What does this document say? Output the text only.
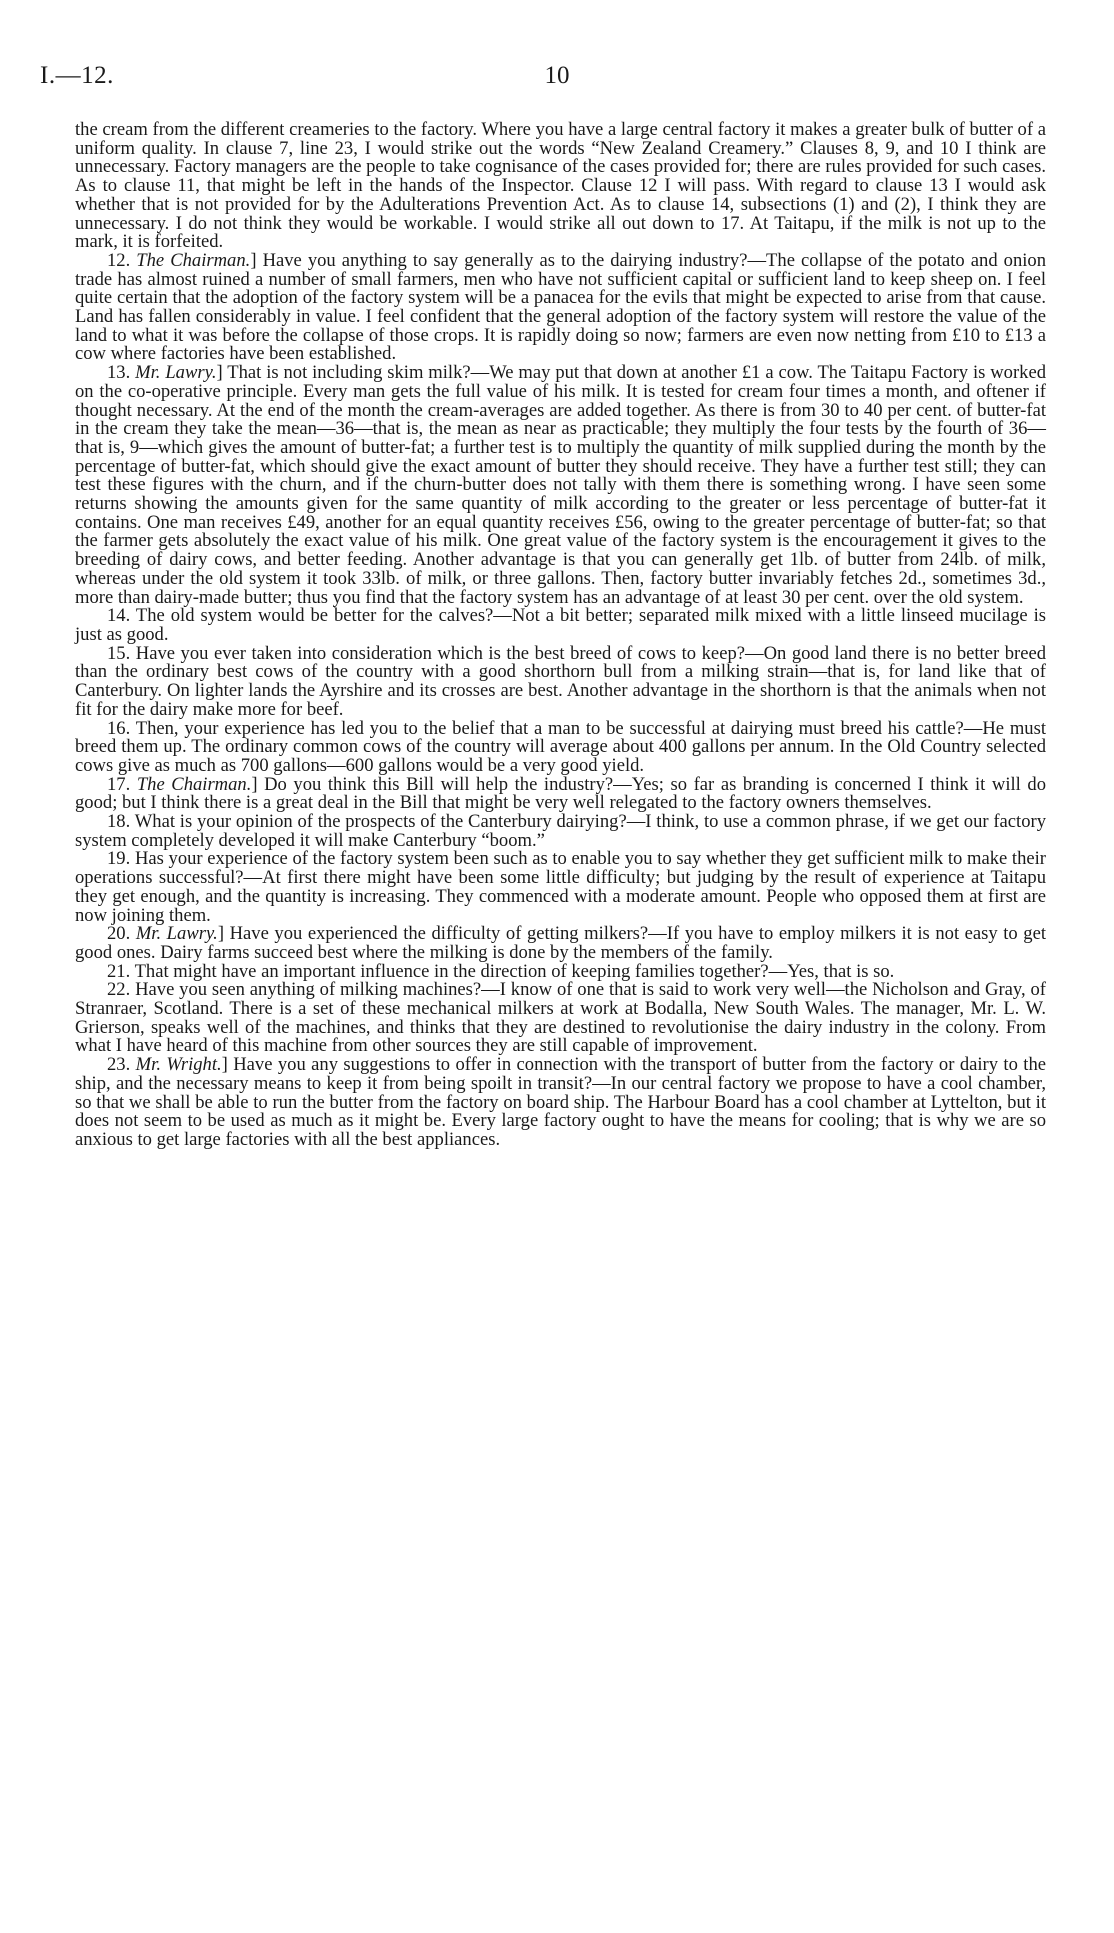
I.—12.	10

the cream from the different creameries to the factory. Where you have a large central factory it makes a greater bulk of butter of a uniform quality. In clause 7, line 23, I would strike out the words “New Zealand Creamery.” Clauses 8, 9, and 10 I think are unnecessary. Factory managers are the people to take cognisance of the cases provided for; there are rules provided for such cases. As to clause 11, that might be left in the hands of the Inspector. Clause 12 I will pass. With regard to clause 13 I would ask whether that is not provided for by the Adulterations Prevention Act. As to clause 14, subsections (1) and (2), I think they are unnecessary. I do not think they would be workable. I would strike all out down to 17. At Taitapu, if the milk is not up to the mark, it is forfeited.

12. The Chairman.] Have you anything to say generally as to the dairying industry?—The collapse of the potato and onion trade has almost ruined a number of small farmers, men who have not sufficient capital or sufficient land to keep sheep on. I feel quite certain that the adoption of the factory system will be a panacea for the evils that might be expected to arise from that cause. Land has fallen considerably in value. I feel confident that the general adoption of the factory system will restore the value of the land to what it was before the collapse of those crops. It is rapidly doing so now; farmers are even now netting from £10 to £13 a cow where factories have been established.

13. Mr. Lawry.] That is not including skim milk?—We may put that down at another £1 a cow. The Taitapu Factory is worked on the co-operative principle. Every man gets the full value of his milk. It is tested for cream four times a month, and oftener if thought necessary. At the end of the month the cream-averages are added together. As there is from 30 to 40 per cent. of butter-fat in the cream they take the mean—36—that is, the mean as near as practicable; they multiply the four tests by the fourth of 36—that is, 9—which gives the amount of butter-fat; a further test is to multiply the quantity of milk supplied during the month by the percentage of butter-fat, which should give the exact amount of butter they should receive. They have a further test still; they can test these figures with the churn, and if the churn-butter does not tally with them there is something wrong. I have seen some returns showing the amounts given for the same quantity of milk according to the greater or less percentage of butter-fat it contains. One man receives £49, another for an equal quantity receives £56, owing to the greater percentage of butter-fat; so that the farmer gets absolutely the exact value of his milk. One great value of the factory system is the encouragement it gives to the breeding of dairy cows, and better feeding. Another advantage is that you can generally get 1lb. of butter from 24lb. of milk, whereas under the old system it took 33lb. of milk, or three gallons. Then, factory butter invariably fetches 2d., sometimes 3d., more than dairy-made butter; thus you find that the factory system has an advantage of at least 30 per cent. over the old system.

14. The old system would be better for the calves?—Not a bit better; separated milk mixed with a little linseed mucilage is just as good.

15. Have you ever taken into consideration which is the best breed of cows to keep?—On good land there is no better breed than the ordinary best cows of the country with a good shorthorn bull from a milking strain—that is, for land like that of Canterbury. On lighter lands the Ayrshire and its crosses are best. Another advantage in the shorthorn is that the animals when not fit for the dairy make more for beef.

16. Then, your experience has led you to the belief that a man to be successful at dairying must breed his cattle?—He must breed them up. The ordinary common cows of the country will average about 400 gallons per annum. In the Old Country selected cows give as much as 700 gallons—600 gallons would be a very good yield.

17. The Chairman.] Do you think this Bill will help the industry?—Yes; so far as branding is concerned I think it will do good; but I think there is a great deal in the Bill that might be very well relegated to the factory owners themselves.

18. What is your opinion of the prospects of the Canterbury dairying?—I think, to use a common phrase, if we get our factory system completely developed it will make Canterbury “boom.”

19. Has your experience of the factory system been such as to enable you to say whether they get sufficient milk to make their operations successful?—At first there might have been some little difficulty; but judging by the result of experience at Taitapu they get enough, and the quantity is increasing. They commenced with a moderate amount. People who opposed them at first are now joining them.

20. Mr. Lawry.] Have you experienced the difficulty of getting milkers?—If you have to employ milkers it is not easy to get good ones. Dairy farms succeed best where the milking is done by the members of the family.

21. That might have an important influence in the direction of keeping families together?—Yes, that is so.

22. Have you seen anything of milking machines?—I know of one that is said to work very well—the Nicholson and Gray, of Stranraer, Scotland. There is a set of these mechanical milkers at work at Bodalla, New South Wales. The manager, Mr. L. W. Grierson, speaks well of the machines, and thinks that they are destined to revolutionise the dairy industry in the colony. From what I have heard of this machine from other sources they are still capable of improvement.

23. Mr. Wright.] Have you any suggestions to offer in connection with the transport of butter from the factory or dairy to the ship, and the necessary means to keep it from being spoilt in transit?—In our central factory we propose to have a cool chamber, so that we shall be able to run the butter from the factory on board ship. The Harbour Board has a cool chamber at Lyttelton, but it does not seem to be used as much as it might be. Every large factory ought to have the means for cooling; that is why we are so anxious to get large factories with all the best appliances.
